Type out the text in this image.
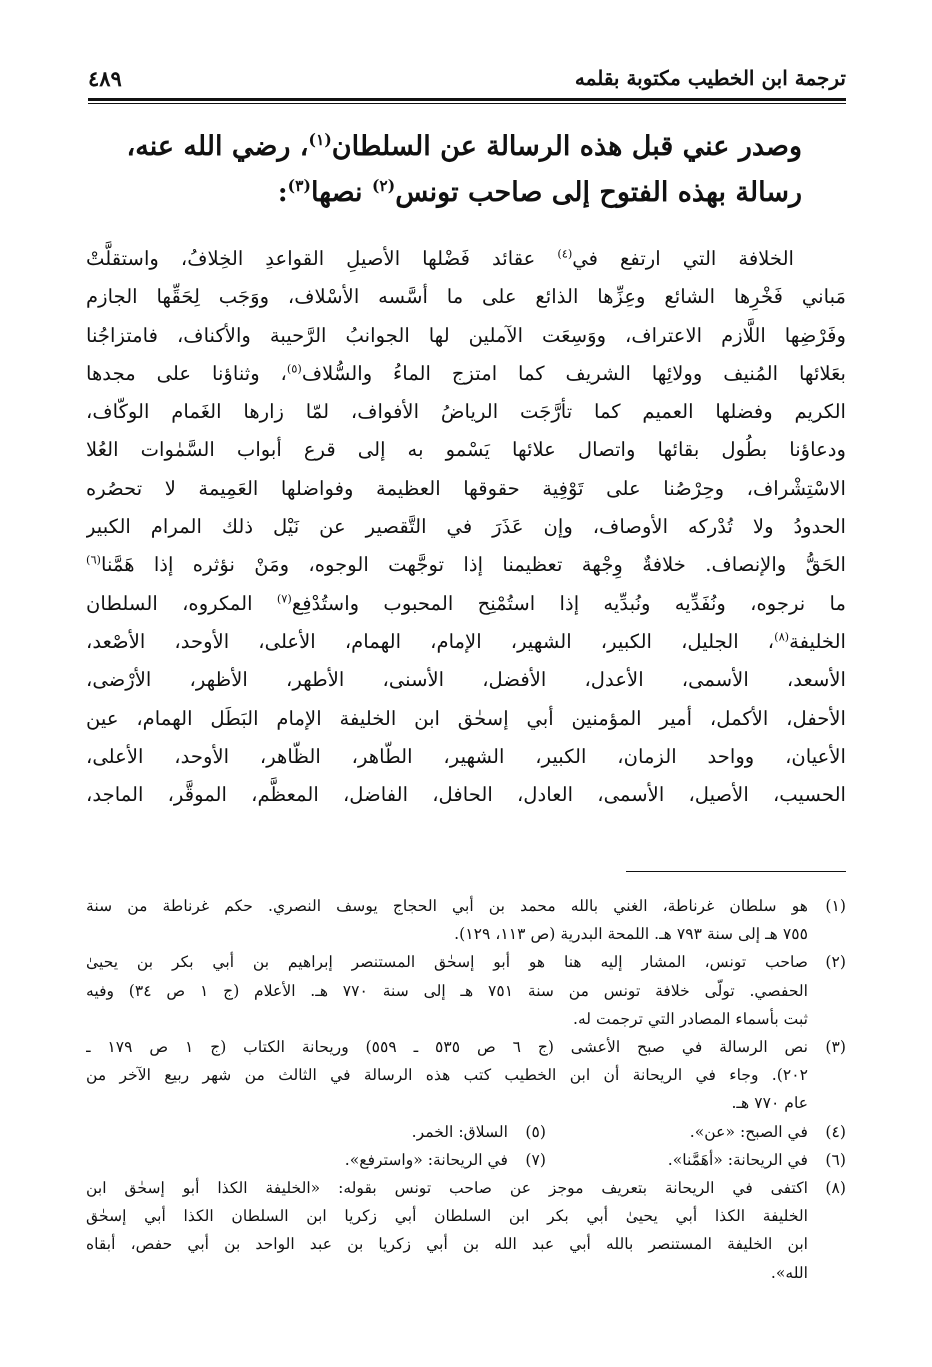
ترجمة ابن الخطيب مكتوبة بقلمه
٤٨٩
وصدر عني قبل هذه الرسالة عن السلطان$^{(١)}$، رضي الله عنه،
رسالة بهذه الفتوح إلى صاحب تونس$^{(٢)}$ نصها$^{(٣)}$:
الخلافة التي ارتفع في$^{(٤)}$ عقائد فَضْلها الأصيلِ القواعدِ الخِلافُ، واستقلَّتْ
مَباني فَخْرِها الشائع وعِزِّها الذائع على ما أسَّسه الأسْلاف، ووَجَب لِحَقِّها الجازم
وفَرْضِها اللَّازم الاعتراف، ووَسِعَت الآملين لها الجوانبُ الرَّحيبة والأكناف، فامتزاجُنا
بعَلائها المُنيف وولائِها الشريف كما امتزج الماءُ والسُّلاف$^{(٥)}$، وثناؤنا على مجدها
الكريم وفضلها العميم كما تأرَّجَت الرياضُ الأفواف، لمّا زارها الغَمام الوكّاف،
ودعاؤنا بطُول بقائها واتصال علائها يَسْمو به إلى قرع أبواب السَّمٰوات العُلا
الاسْتِشْراف، وحِرْصُنا على تَوْفِية حقوقها العظيمة وفواضلها العَمِيمة لا تحصُره
الحدودُ ولا تُدْركه الأوصاف، وإن عَذَرَ في التَّقصير عن نَيْل ذلك المرام الكبير
الحَقُّ والإنصاف. خلافةٌ وِجْهة تعظيمنا إذا توجَّهت الوجوه، ومَنْ نؤثره إذا هَمَّنا$^{(٦)}$
ما نرجوه، ونُفَدِّيه ونُبدِّيه إذا استُمْنِح المحبوب واستُدْفِع$^{(٧)}$ المكروه، السلطان
الخليفة$^{(٨)}$، الجليل، الكبير، الشهير، الإمام، الهمام، الأعلى، الأوحد، الأصْعد،
الأسعد، الأسمى، الأعدل، الأفضل، الأسنى، الأطهر، الأظهر، الأرْضى،
الأحفل، الأكمل، أمير المؤمنين أبي إسحٰق ابن الخليفة الإمام البَطَل الهمام، عين
الأعيان، وواحد الزمان، الكبير، الشهير، الطّاهر، الظّاهر، الأوحد، الأعلى،
الحسيب، الأصيل، الأسمى، العادل، الحافل، الفاضل، المعظَّم، الموقَّر، الماجد،
(١)
هو سلطان غرناطة، الغني بالله محمد بن أبي الحجاج يوسف النصري. حكم غرناطة من سنة
٧٥٥ هـ إلى سنة ٧٩٣ هـ. اللمحة البدرية (ص ١١٣، ١٢٩).
(٢)
صاحب تونس، المشار إليه هنا هو أبو إسحٰق المستنصر إبراهيم بن أبي بكر بن يحيىٰ
الحفصي. تولّى خلافة تونس من سنة ٧٥١ هـ إلى سنة ٧٧٠ هـ. الأعلام (ج ١ ص ٣٤) وفيه
ثبت بأسماء المصادر التي ترجمت له.
(٣)
نص الرسالة في صبح الأعشى (ج ٦ ص ٥٣٥ ـ ٥٥٩) وريحانة الكتاب (ج ١ ص ١٧٩ ـ
٢٠٢). وجاء في الريحانة أن ابن الخطيب كتب هذه الرسالة في الثالث من شهر ربيع الآخر من
عام ٧٧٠ هـ.
(٤)
في الصبح: «عن».
(٥)
السلاق: الخمر.
(٦)
في الريحانة: «أهَمَّنا».
(٧)
في الريحانة: «واسترفع».
(٨)
اكتفى في الريحانة بتعريف موجز عن صاحب تونس بقوله: «الخليفة الكذا أبو إسحٰق ابن
الخليفة الكذا أبي يحيىٰ أبي بكر ابن السلطان أبي زكريا ابن السلطان الكذا أبي إسحٰق
ابن الخليفة المستنصر بالله أبي عبد الله بن أبي زكريا بن عبد الواحد بن أبي حفص، أبقاه
الله».
